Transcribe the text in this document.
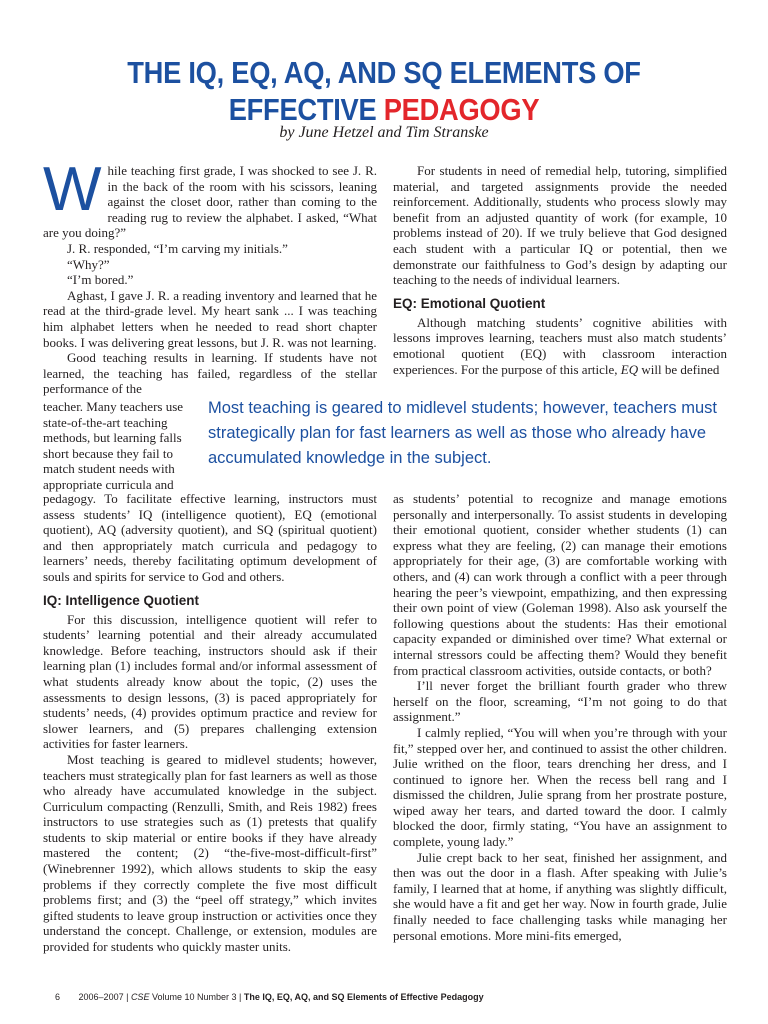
THE IQ, EQ, AQ, AND SQ ELEMENTS OF
EFFECTIVE PEDAGOGY
by June Hetzel and Tim Stranske

While teaching first grade, I was shocked to see J. R. in the back of the room with his scissors, leaning against the closet door, rather than coming to the reading rug to review the alphabet. I asked, “What are you doing?”

J. R. responded, “I’m carving my initials.”

“Why?”

“I’m bored.”

Aghast, I gave J. R. a reading inventory and learned that he read at the third-grade level. My heart sank ... I was teaching him alphabet letters when he needed to read short chapter books. I was delivering great lessons, but J. R. was not learning.

Good teaching results in learning. If students have not learned, the teaching has failed, regardless of the stellar performance of the

teacher. Many teachers use state-of-the-art teaching methods, but learning falls short because they fail to match student needs with appropriate curricula and
Most teaching is geared to midlevel students; however, teachers must strategically plan for fast learners as well as those who already have accumulated knowledge in the subject.

pedagogy. To facilitate effective learning, instructors must assess students’ IQ (intelligence quotient), EQ (emotional quotient), AQ (adversity quotient), and SQ (spiritual quotient) and then appropriately match curricula and pedagogy to learners’ needs, thereby facilitating optimum development of souls and spirits for service to God and others.

IQ: Intelligence Quotient

For this discussion, intelligence quotient will refer to students’ learning potential and their already accumulated knowledge. Before teaching, instructors should ask if their learning plan (1) includes formal and/or informal assessment of what students already know about the topic, (2) uses the assessments to design lessons, (3) is paced appropriately for students’ needs, (4) provides optimum practice and review for slower learners, and (5) prepares challenging extension activities for faster learners.

Most teaching is geared to midlevel students; however, teachers must strategically plan for fast learners as well as those who already have accumulated knowledge in the subject. Curriculum compacting (Renzulli, Smith, and Reis 1982) frees instructors to use strategies such as (1) pretests that qualify students to skip material or entire books if they have already mastered the content; (2) “the-five-most-difficult-first” (Winebrenner 1992), which allows students to skip the easy problems if they correctly complete the five most difficult problems first; and (3) the “peel off strategy,” which invites gifted students to leave group instruction or activities once they understand the concept. Challenge, or extension, modules are provided for students who quickly master units.

For students in need of remedial help, tutoring, simplified material, and targeted assignments provide the needed reinforcement. Additionally, students who process slowly may benefit from an adjusted quantity of work (for example, 10 problems instead of 20). If we truly believe that God designed each student with a particular IQ or potential, then we demonstrate our faithfulness to God’s design by adapting our teaching to the needs of individual learners.

EQ: Emotional Quotient

Although matching students’ cognitive abilities with lessons improves learning, teachers must also match students’ emotional quotient (EQ) with classroom interaction experiences. For the purpose of this article, EQ will be defined

as students’ potential to recognize and manage emotions personally and interpersonally. To assist students in developing their emotional quotient, consider whether students (1) can express what they are feeling, (2) can manage their emotions appropriately for their age, (3) are comfortable working with others, and (4) can work through a conflict with a peer through hearing the peer’s viewpoint, empathizing, and then expressing their own point of view (Goleman 1998). Also ask yourself the following questions about the students: Has their emotional capacity expanded or diminished over time? What external or internal stressors could be affecting them? Would they benefit from practical classroom activities, outside contacts, or both?

I’ll never forget the brilliant fourth grader who threw herself on the floor, screaming, “I’m not going to do that assignment.”

I calmly replied, “You will when you’re through with your fit,” stepped over her, and continued to assist the other children. Julie writhed on the floor, tears drenching her dress, and I continued to ignore her. When the recess bell rang and I dismissed the children, Julie sprang from her prostrate posture, wiped away her tears, and darted toward the door. I calmly blocked the door, firmly stating, “You have an assignment to complete, young lady.”

Julie crept back to her seat, finished her assignment, and then was out the door in a flash. After speaking with Julie’s family, I learned that at home, if anything was slightly difficult, she would have a fit and get her way. Now in fourth grade, Julie finally needed to face challenging tasks while managing her personal emotions. More mini-fits emerged,

6 2006–2007 | CSE Volume 10 Number 3 | The IQ, EQ, AQ, and SQ Elements of Effective Pedagogy
